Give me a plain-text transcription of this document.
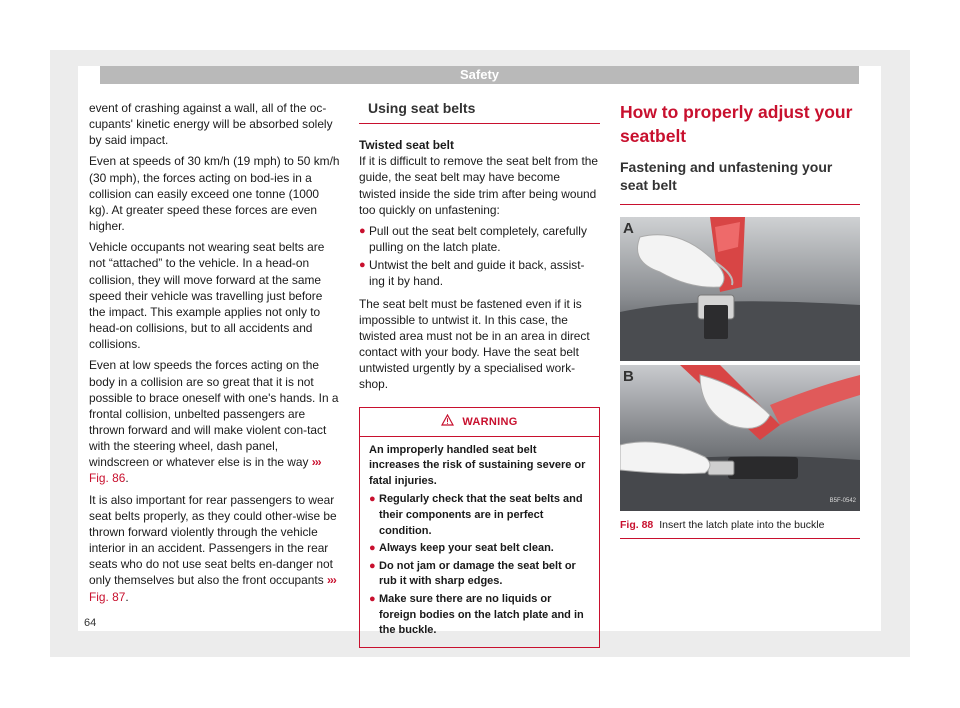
Safety

event of crashing against a wall, all of the oc-cupants' kinetic energy will be absorbed solely by said impact.

Even at speeds of 30 km/h (19 mph) to 50 km/h (30 mph), the forces acting on bod-ies in a collision can easily exceed one tonne (1000 kg). At greater speed these forces are even higher.

Vehicle occupants not wearing seat belts are not “attached” to the vehicle. In a head-on collision, they will move forward at the same speed their vehicle was travelling just before the impact. This example applies not only to head-on collisions, but to all accidents and collisions.

Even at low speeds the forces acting on the body in a collision are so great that it is not possible to brace oneself with one's hands. In a frontal collision, unbelted passengers are thrown forward and will make violent con-tact with the steering wheel, dash panel, windscreen or whatever else is in the way ››› Fig. 86.

It is also important for rear passengers to wear seat belts properly, as they could other-wise be thrown forward violently through the vehicle interior in an accident. Passengers in the rear seats who do not use seat belts en-danger not only themselves but also the front occupants ››› Fig. 87.

Using seat belts

Twisted seat belt

If it is difficult to remove the seat belt from the guide, the seat belt may have become twisted inside the side trim after being wound too quickly on unfastening:

● Pull out the seat belt completely, carefully pulling on the latch plate.

● Untwist the belt and guide it back, assist-ing it by hand.

The seat belt must be fastened even if it is impossible to untwist it. In this case, the twisted area must not be in an area in direct contact with your body. Have the seat belt untwisted urgently by a specialised work-shop.

WARNING

An improperly handled seat belt increases the risk of sustaining severe or fatal injuries.

● Regularly check that the seat belts and their components are in perfect condition.

● Always keep your seat belt clean.

● Do not jam or damage the seat belt or rub it with sharp edges.

● Make sure there are no liquids or foreign bodies on the latch plate and in the buckle.

How to properly adjust your seatbelt
Fastening and unfastening your seat belt
A
B
B5F-0542
Fig. 88 Insert the latch plate into the buckle
64
